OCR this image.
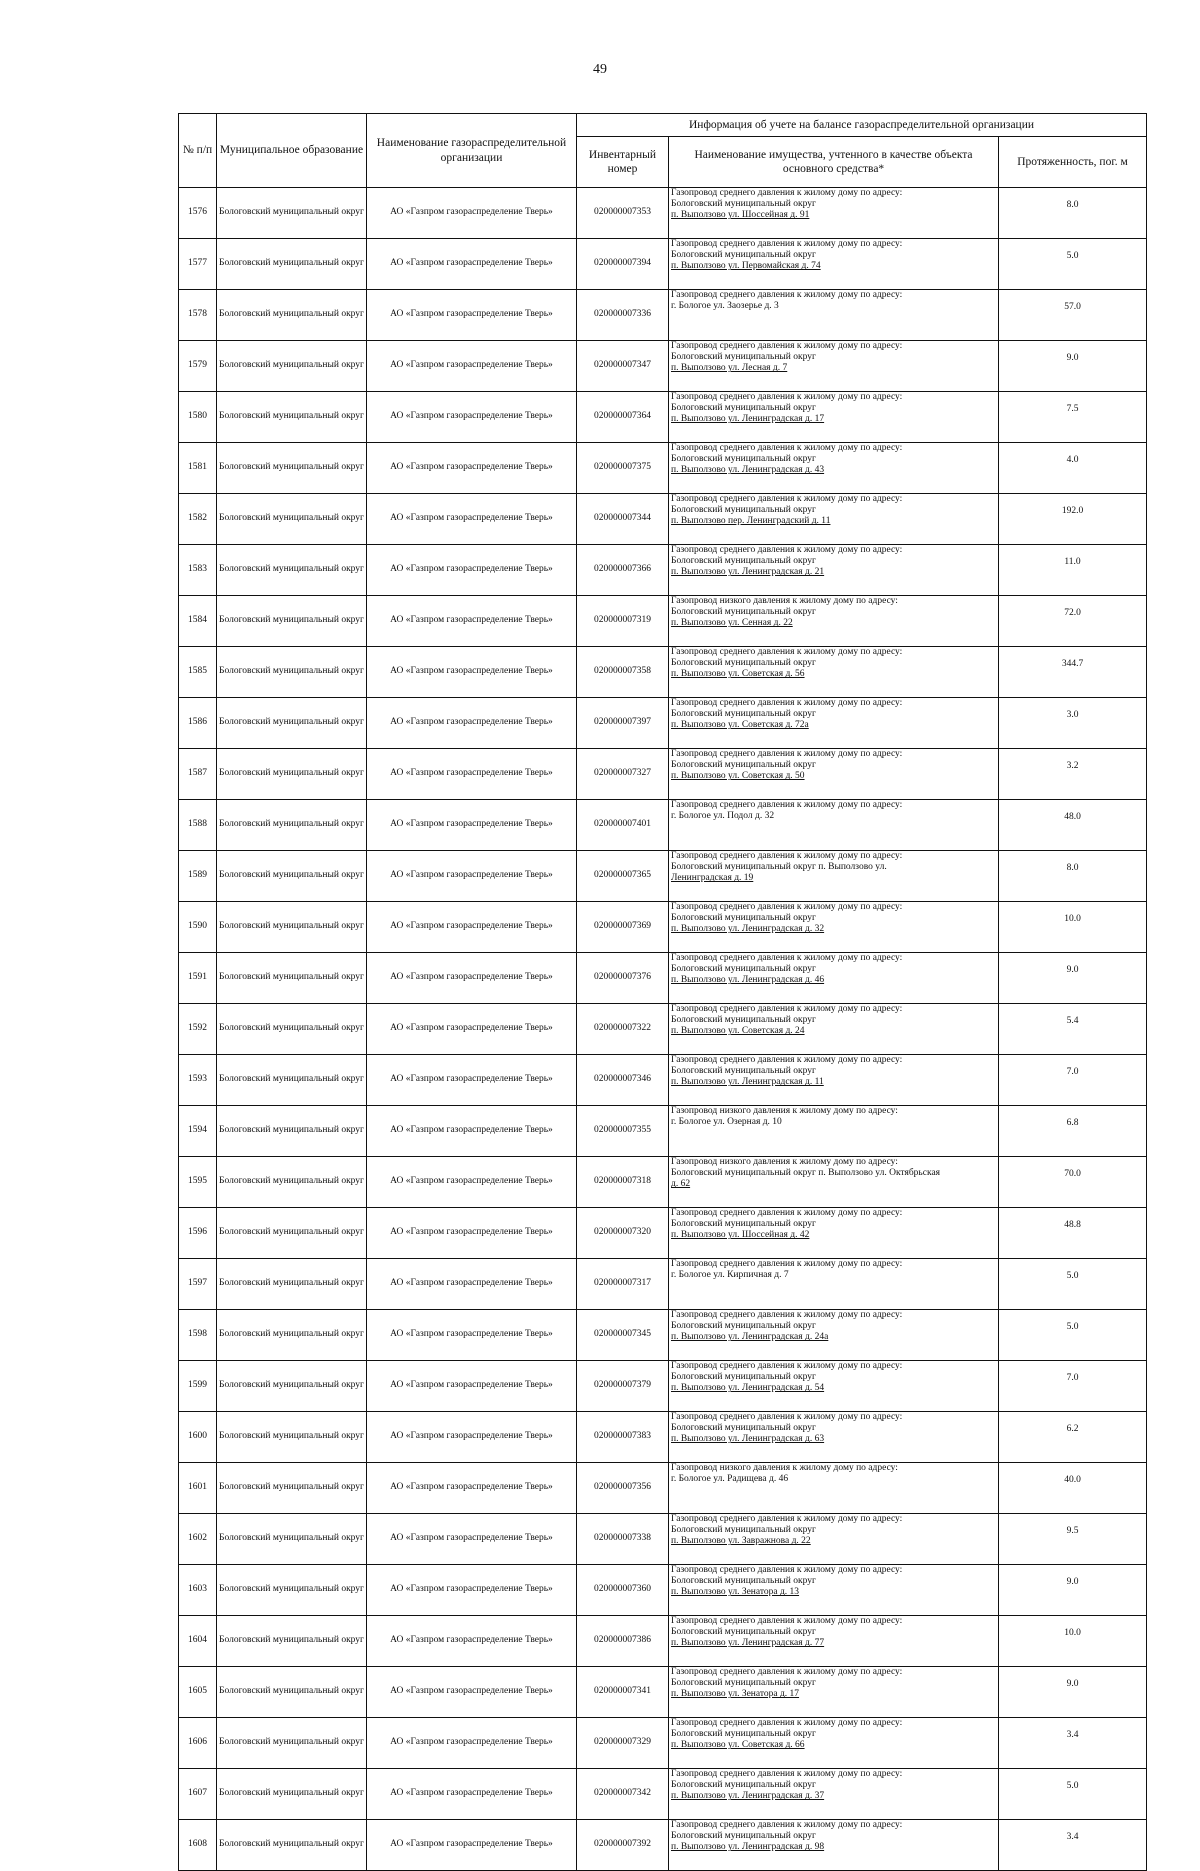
49
№ п/п	Муниципальное образование	Наименование газораспределительной организации	Информация об учете на балансе газораспределительной организации		
			Инвентарный номер	Наименование имущества, учтенного в качестве объекта основного средства*	Протяженность, пог. м
1576	Бологовский муниципальный округ	АО «Газпром газораспределение Тверь»	020000007353	Газопровод среднего давления к жилому дому по адресу:
Бологовский муниципальный округ
п. Выползово ул. Шоссейная д. 91	8.0
1577	Бологовский муниципальный округ	АО «Газпром газораспределение Тверь»	020000007394	Газопровод среднего давления к жилому дому по адресу:
Бологовский муниципальный округ
п. Выползово ул. Первомайская д. 74	5.0
1578	Бологовский муниципальный округ	АО «Газпром газораспределение Тверь»	020000007336	Газопровод среднего давления к жилому дому по адресу:
г. Бологое ул. Заозерье д. 3	57.0
1579	Бологовский муниципальный округ	АО «Газпром газораспределение Тверь»	020000007347	Газопровод среднего давления к жилому дому по адресу:
Бологовский муниципальный округ
п. Выползово ул. Лесная д. 7	9.0
1580	Бологовский муниципальный округ	АО «Газпром газораспределение Тверь»	020000007364	Газопровод среднего давления к жилому дому по адресу:
Бологовский муниципальный округ
п. Выползово ул. Ленинградская д. 17	7.5
1581	Бологовский муниципальный округ	АО «Газпром газораспределение Тверь»	020000007375	Газопровод среднего давления к жилому дому по адресу:
Бологовский муниципальный округ
п. Выползово ул. Ленинградская д. 43	4.0
1582	Бологовский муниципальный округ	АО «Газпром газораспределение Тверь»	020000007344	Газопровод среднего давления к жилому дому по адресу:
Бологовский муниципальный округ
п. Выползово пер. Ленинградский д. 11	192.0
1583	Бологовский муниципальный округ	АО «Газпром газораспределение Тверь»	020000007366	Газопровод среднего давления к жилому дому по адресу:
Бологовский муниципальный округ
п. Выползово ул. Ленинградская д. 21	11.0
1584	Бологовский муниципальный округ	АО «Газпром газораспределение Тверь»	020000007319	Газопровод низкого давления к жилому дому по адресу:
Бологовский муниципальный округ
п. Выползово ул. Сенная д. 22	72.0
1585	Бологовский муниципальный округ	АО «Газпром газораспределение Тверь»	020000007358	Газопровод среднего давления к жилому дому по адресу:
Бологовский муниципальный округ
п. Выползово ул. Советская д. 56	344.7
1586	Бологовский муниципальный округ	АО «Газпром газораспределение Тверь»	020000007397	Газопровод среднего давления к жилому дому по адресу:
Бологовский муниципальный округ
п. Выползово ул. Советская д. 72а	3.0
1587	Бологовский муниципальный округ	АО «Газпром газораспределение Тверь»	020000007327	Газопровод среднего давления к жилому дому по адресу:
Бологовский муниципальный округ
п. Выползово ул. Советская д. 50	3.2
1588	Бологовский муниципальный округ	АО «Газпром газораспределение Тверь»	020000007401	Газопровод среднего давления к жилому дому по адресу:
г. Бологое ул. Подол д. 32	48.0
1589	Бологовский муниципальный округ	АО «Газпром газораспределение Тверь»	020000007365	Газопровод среднего давления к жилому дому по адресу:
Бологовский муниципальный округ п. Выползово ул.
Ленинградская д. 19	8.0
1590	Бологовский муниципальный округ	АО «Газпром газораспределение Тверь»	020000007369	Газопровод среднего давления к жилому дому по адресу:
Бологовский муниципальный округ
п. Выползово ул. Ленинградская д. 32	10.0
1591	Бологовский муниципальный округ	АО «Газпром газораспределение Тверь»	020000007376	Газопровод среднего давления к жилому дому по адресу:
Бологовский муниципальный округ
п. Выползово ул. Ленинградская д. 46	9.0
1592	Бологовский муниципальный округ	АО «Газпром газораспределение Тверь»	020000007322	Газопровод среднего давления к жилому дому по адресу:
Бологовский муниципальный округ
п. Выползово ул. Советская д. 24	5.4
1593	Бологовский муниципальный округ	АО «Газпром газораспределение Тверь»	020000007346	Газопровод среднего давления к жилому дому по адресу:
Бологовский муниципальный округ
п. Выползово ул. Ленинградская д. 11	7.0
1594	Бологовский муниципальный округ	АО «Газпром газораспределение Тверь»	020000007355	Газопровод низкого давления к жилому дому по адресу:
г. Бологое ул. Озерная д. 10	6.8
1595	Бологовский муниципальный округ	АО «Газпром газораспределение Тверь»	020000007318	Газопровод низкого давления к жилому дому по адресу:
Бологовский муниципальный округ п. Выползово ул. Октябрьская
д. 62	70.0
1596	Бологовский муниципальный округ	АО «Газпром газораспределение Тверь»	020000007320	Газопровод среднего давления к жилому дому по адресу:
Бологовский муниципальный округ
п. Выползово ул. Шоссейная д. 42	48.8
1597	Бологовский муниципальный округ	АО «Газпром газораспределение Тверь»	020000007317	Газопровод среднего давления к жилому дому по адресу:
г. Бологое ул. Кирпичная д. 7	5.0
1598	Бологовский муниципальный округ	АО «Газпром газораспределение Тверь»	020000007345	Газопровод среднего давления к жилому дому по адресу:
Бологовский муниципальный округ
п. Выползово ул. Ленинградская д. 24а	5.0
1599	Бологовский муниципальный округ	АО «Газпром газораспределение Тверь»	020000007379	Газопровод среднего давления к жилому дому по адресу:
Бологовский муниципальный округ
п. Выползово ул. Ленинградская д. 54	7.0
1600	Бологовский муниципальный округ	АО «Газпром газораспределение Тверь»	020000007383	Газопровод среднего давления к жилому дому по адресу:
Бологовский муниципальный округ
п. Выползово ул. Ленинградская д. 63	6.2
1601	Бологовский муниципальный округ	АО «Газпром газораспределение Тверь»	020000007356	Газопровод низкого давления к жилому дому по адресу:
г. Бологое ул. Радищева д. 46	40.0
1602	Бологовский муниципальный округ	АО «Газпром газораспределение Тверь»	020000007338	Газопровод среднего давления к жилому дому по адресу:
Бологовский муниципальный округ
п. Выползово ул. Завражнова д. 22	9.5
1603	Бологовский муниципальный округ	АО «Газпром газораспределение Тверь»	020000007360	Газопровод среднего давления к жилому дому по адресу:
Бологовский муниципальный округ
п. Выползово ул. Зенатора д. 13	9.0
1604	Бологовский муниципальный округ	АО «Газпром газораспределение Тверь»	020000007386	Газопровод среднего давления к жилому дому по адресу:
Бологовский муниципальный округ
п. Выползово ул. Ленинградская д. 77	10.0
1605	Бологовский муниципальный округ	АО «Газпром газораспределение Тверь»	020000007341	Газопровод среднего давления к жилому дому по адресу:
Бологовский муниципальный округ
п. Выползово ул. Зенатора д. 17	9.0
1606	Бологовский муниципальный округ	АО «Газпром газораспределение Тверь»	020000007329	Газопровод среднего давления к жилому дому по адресу:
Бологовский муниципальный округ
п. Выползово ул. Советская д. 66	3.4
1607	Бологовский муниципальный округ	АО «Газпром газораспределение Тверь»	020000007342	Газопровод среднего давления к жилому дому по адресу:
Бологовский муниципальный округ
п. Выползово ул. Ленинградская д. 37	5.0
1608	Бологовский муниципальный округ	АО «Газпром газораспределение Тверь»	020000007392	Газопровод среднего давления к жилому дому по адресу:
Бологовский муниципальный округ
п. Выползово ул. Ленинградская д. 98	3.4
